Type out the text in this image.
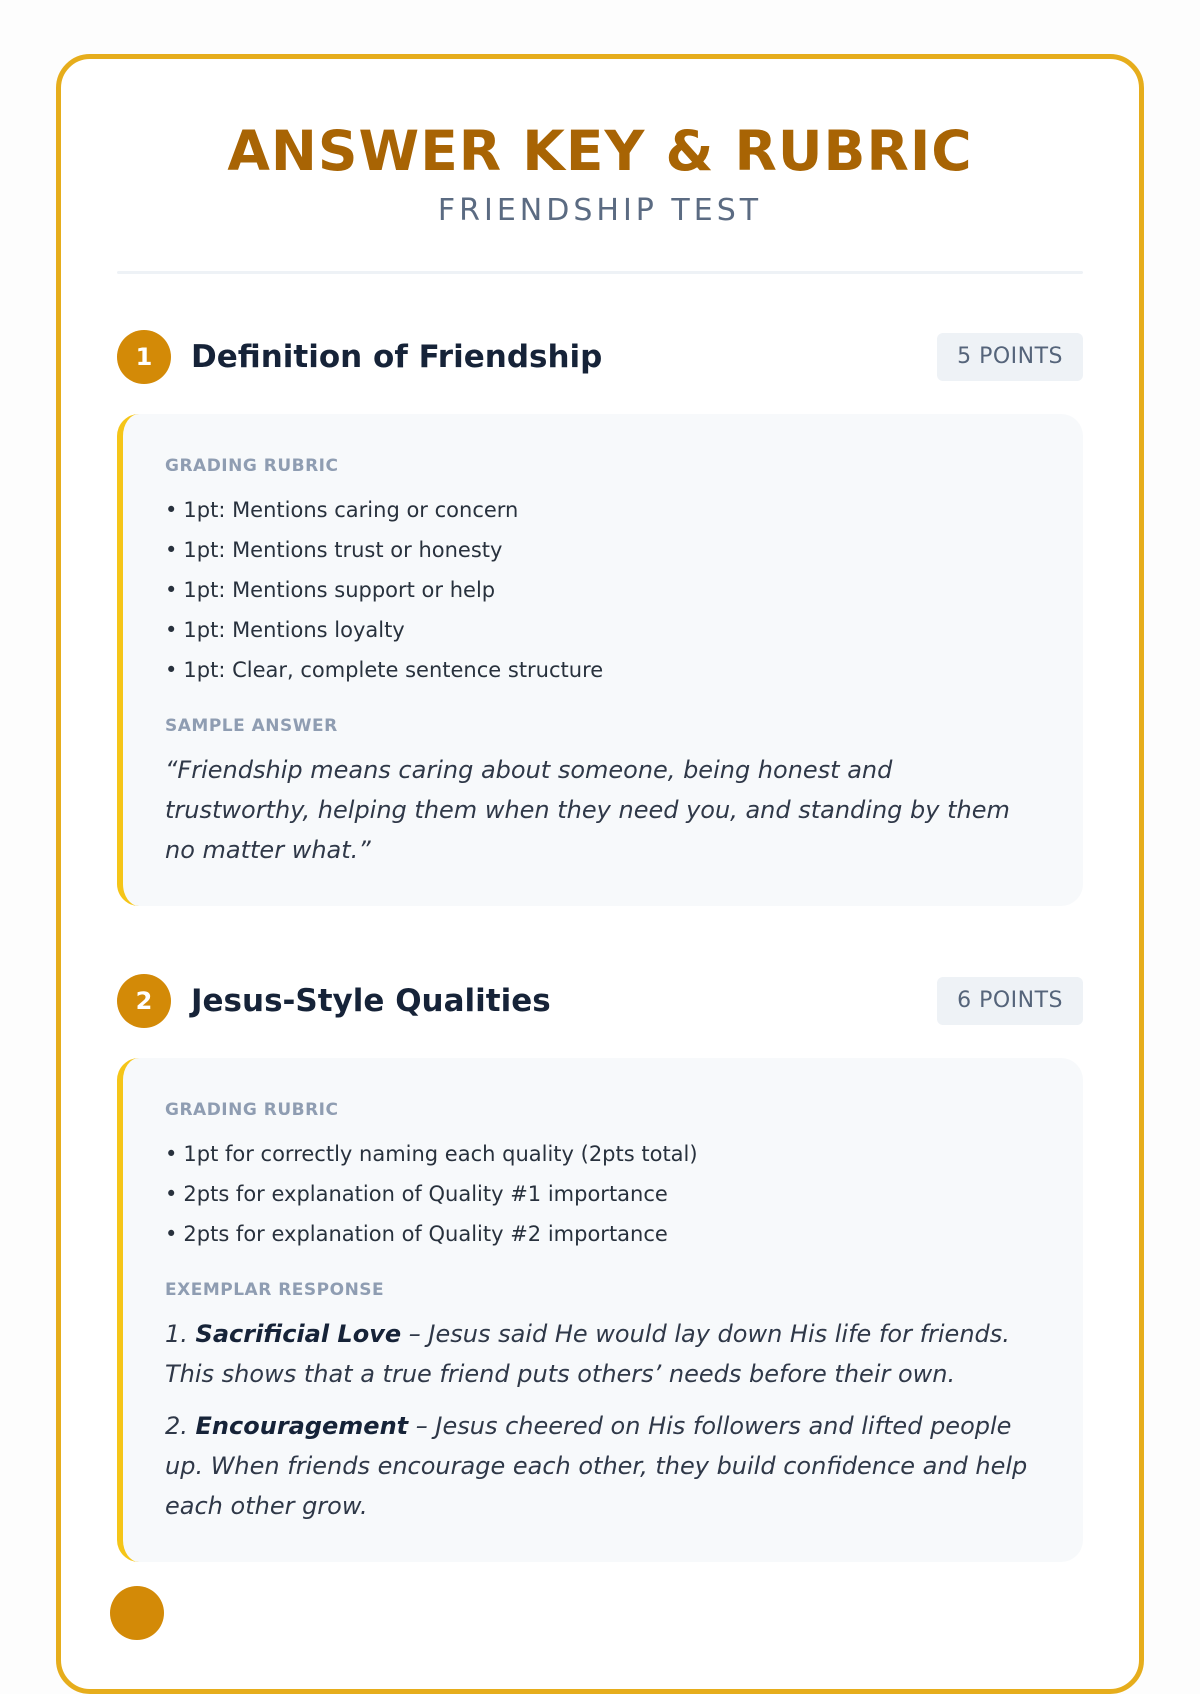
ANSWER KEY & RUBRIC
FRIENDSHIP TEST
1	Definition of Friendship	5 POINTS
GRADING RUBRIC
• 1pt: Mentions caring or concern
• 1pt: Mentions trust or honesty
• 1pt: Mentions support or help
• 1pt: Mentions loyalty
• 1pt: Clear, complete sentence structure
SAMPLE ANSWER
“Friendship means caring about someone, being honest and trustworthy, helping them when they need you, and standing by them no matter what.”
2	Jesus-Style Qualities	6 POINTS
GRADING RUBRIC
• 1pt for correctly naming each quality (2pts total)
• 2pts for explanation of Quality #1 importance
• 2pts for explanation of Quality #2 importance
EXEMPLAR RESPONSE

1. Sacrificial Love – Jesus said He would lay down His life for friends. This shows that a true friend puts others’ needs before their own.

2. Encouragement – Jesus cheered on His followers and lifted people up. When friends encourage each other, they build confidence and help each other grow.
